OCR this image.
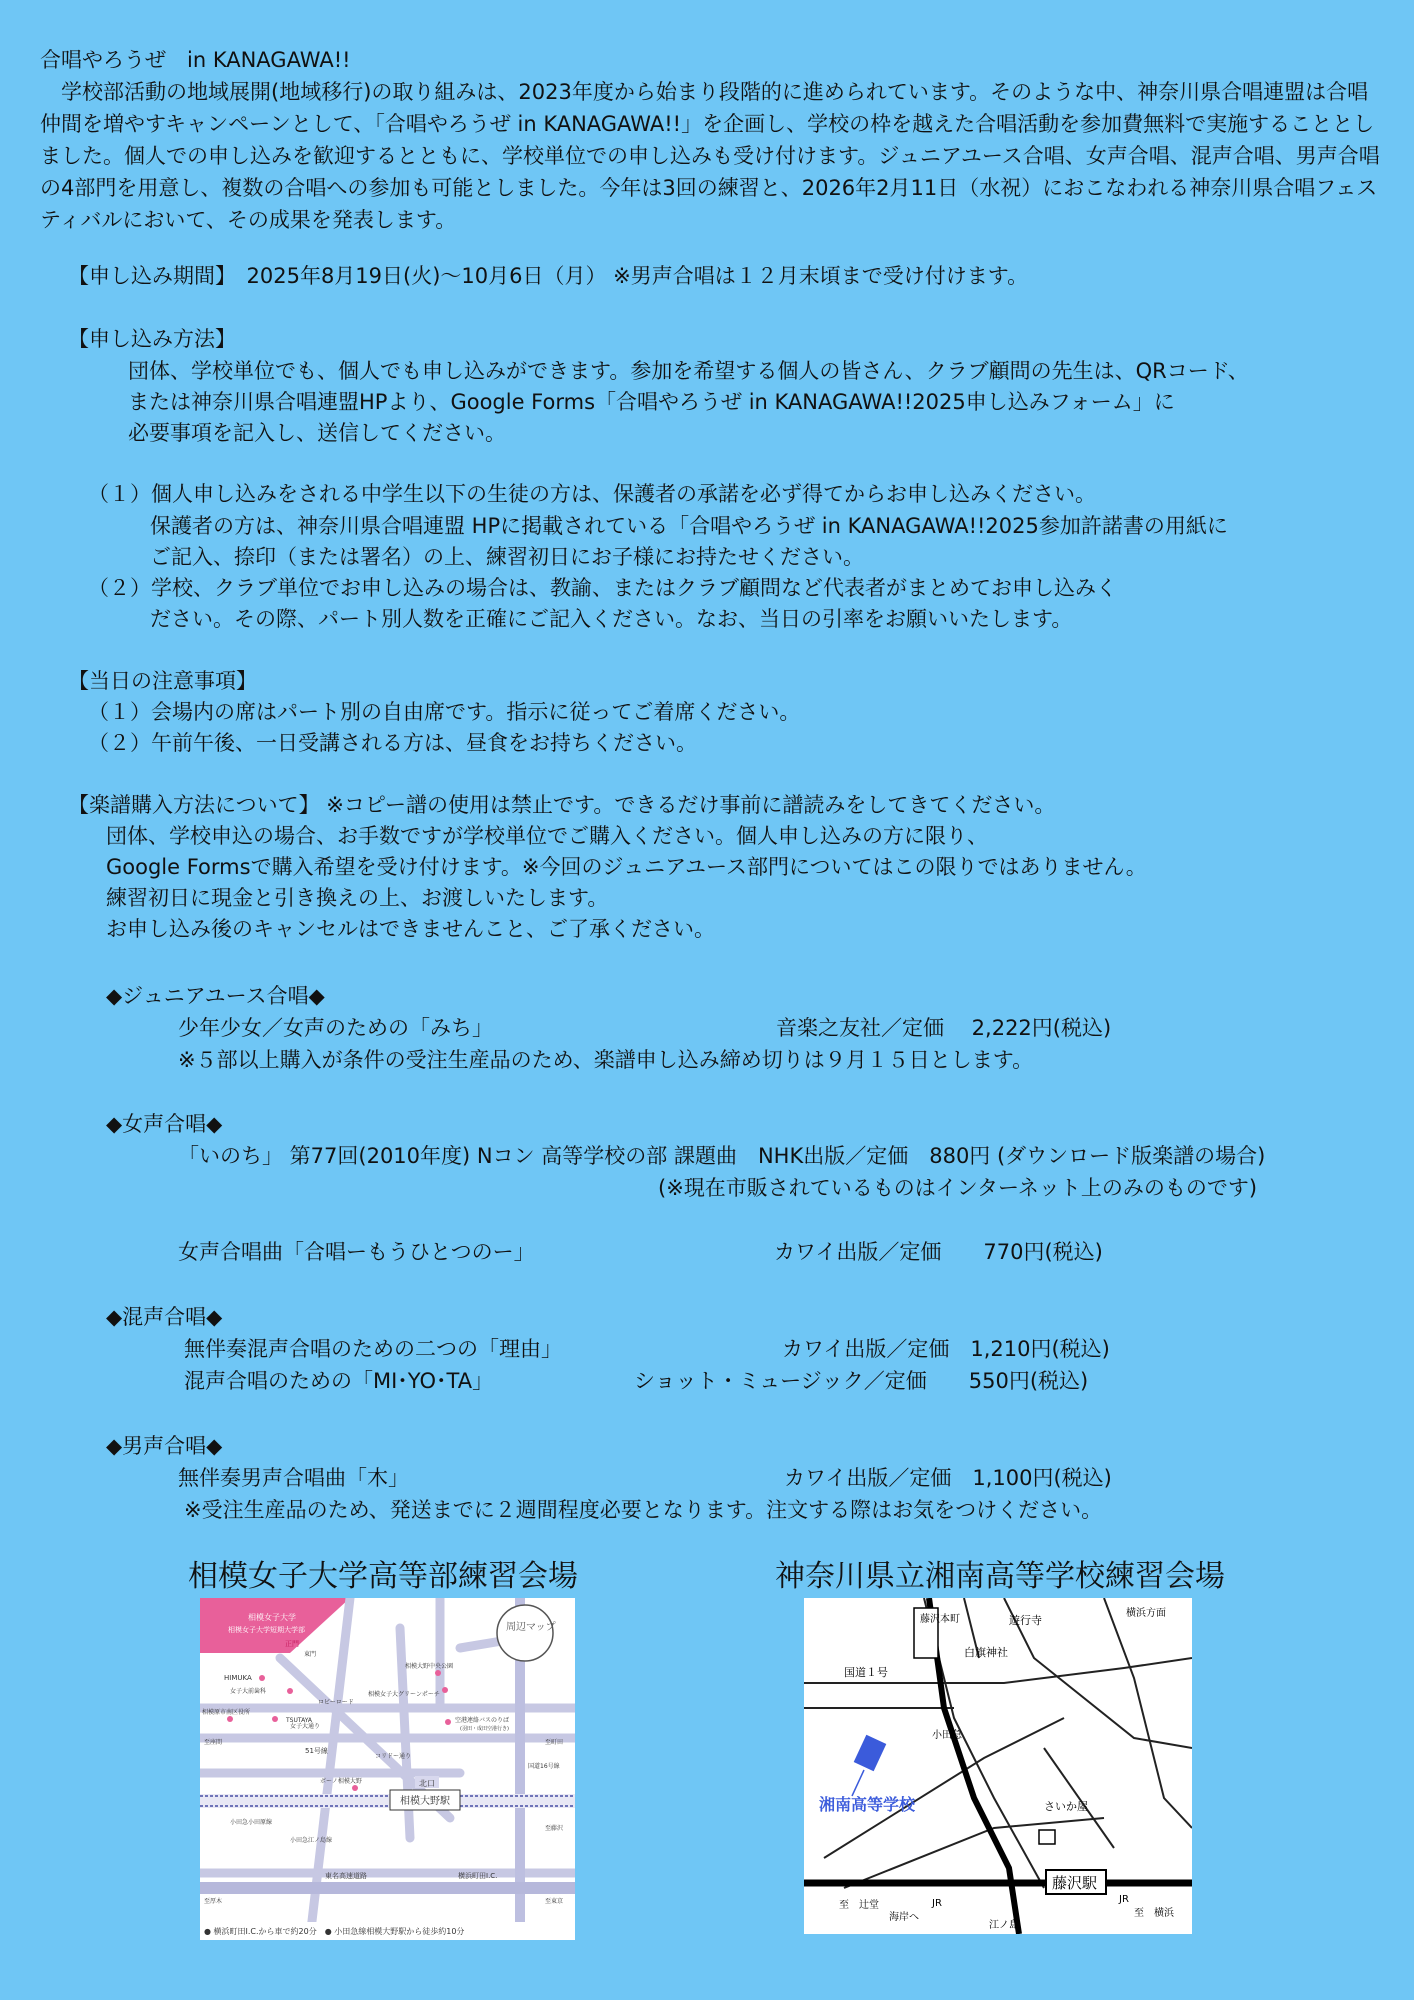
合唱やろうぜ　in KANAGAWA!!
　学校部活動の地域展開(地域移行)の取り組みは、2023年度から始まり段階的に進められています。そのような中、神奈川県合唱連盟は合唱仲間を増やすキャンペーンとして、「合唱やろうぜ in KANAGAWA!!」を企画し、学校の枠を越えた合唱活動を参加費無料で実施することとしました。個人での申し込みを歓迎するとともに、学校単位での申し込みも受け付けます。ジュニアユース合唱、女声合唱、混声合唱、男声合唱の4部門を用意し、複数の合唱への参加も可能としました。今年は3回の練習と、2026年2月11日（水祝）におこなわれる神奈川県合唱フェスティバルにおいて、その成果を発表します。
【申し込み期間】　2025年8月19日(火)～10月6日（月） ※男声合唱は１２月末頃まで受け付けます。
【申し込み方法】
団体、学校単位でも、個人でも申し込みができます。参加を希望する個人の皆さん、クラブ顧問の先生は、QRコード、
または神奈川県合唱連盟HPより、Google Forms「合唱やろうぜ in KANAGAWA!!2025申し込みフォーム」に
必要事項を記入し、送信してください。
（１）個人申し込みをされる中学生以下の生徒の方は、保護者の承諾を必ず得てからお申し込みください。
保護者の方は、神奈川県合唱連盟 HPに掲載されている「合唱やろうぜ in KANAGAWA!!2025参加許諾書の用紙に
ご記入、捺印（または署名）の上、練習初日にお子様にお持たせください。
（２）学校、クラブ単位でお申し込みの場合は、教諭、またはクラブ顧問など代表者がまとめてお申し込みく
ださい。その際、パート別人数を正確にご記入ください。なお、当日の引率をお願いいたします。
【当日の注意事項】
（１）会場内の席はパート別の自由席です。指示に従ってご着席ください。
（２）午前午後、一日受講される方は、昼食をお持ちください。
【楽譜購入方法について】 ※コピー譜の使用は禁止です。できるだけ事前に譜読みをしてきてください。
団体、学校申込の場合、お手数ですが学校単位でご購入ください。個人申し込みの方に限り、
Google Formsで購入希望を受け付けます。※今回のジュニアユース部門についてはこの限りではありません。
練習初日に現金と引き換えの上、お渡しいたします。
お申し込み後のキャンセルはできませんこと、ご了承ください。
◆ジュニアユース合唱◆
少年少女／女声のための「みち」	音楽之友社／定価　 2,222円(税込)
※５部以上購入が条件の受注生産品のため、楽譜申し込み締め切りは９月１５日とします。
◆女声合唱◆
「いのち」 第77回(2010年度) Nコン 高等学校の部 課題曲　NHK出版／定価　880円 (ダウンロード版楽譜の場合)
(※現在市販されているものはインターネット上のみのものです)
女声合唱曲「合唱ーもうひとつのー」	カワイ出版／定価　　770円(税込)
◆混声合唱◆
無伴奏混声合唱のための二つの「理由」	カワイ出版／定価　1,210円(税込)
混声合唱のための「MI･YO･TA」	ショット・ミュージック／定価　　550円(税込)
◆男声合唱◆
無伴奏男声合唱曲「木」	カワイ出版／定価　1,100円(税込)
※受注生産品のため、発送までに２週間程度必要となります。注文する際はお気をつけください。
相模女子大学高等部練習会場	神奈川県立湘南高等学校練習会場
相模女子大学
相模女子大学短期大学部
相模大野駅
北口
周辺マップ
正門
東門
HIMUKA
女子大前歯科
相模原市南区役所
TSUTAYA
相模大野中央公園
相模女子大グリーンポーチ
ロビーロード
女子大通り
空港連絡バスのりば
(羽田・成田空港行き)
51号線
コリドー通り
ボーノ相模大野
小田急小田原線
小田急江ノ島線
東名高速道路	横浜町田I.C.
国道16号線
至座間	至町田
至藤沢
至厚木	至東京
● 横浜町田I.C.から車で約20分　● 小田急線相模大野駅から徒歩約10分
藤沢本町	遊行寺
横浜方面
白旗神社
国道１号
小田急
湘南高等学校	さいか屋
藤沢駅
至　辻堂	JR
海岸へ
JR
至　横浜
江ノ島
